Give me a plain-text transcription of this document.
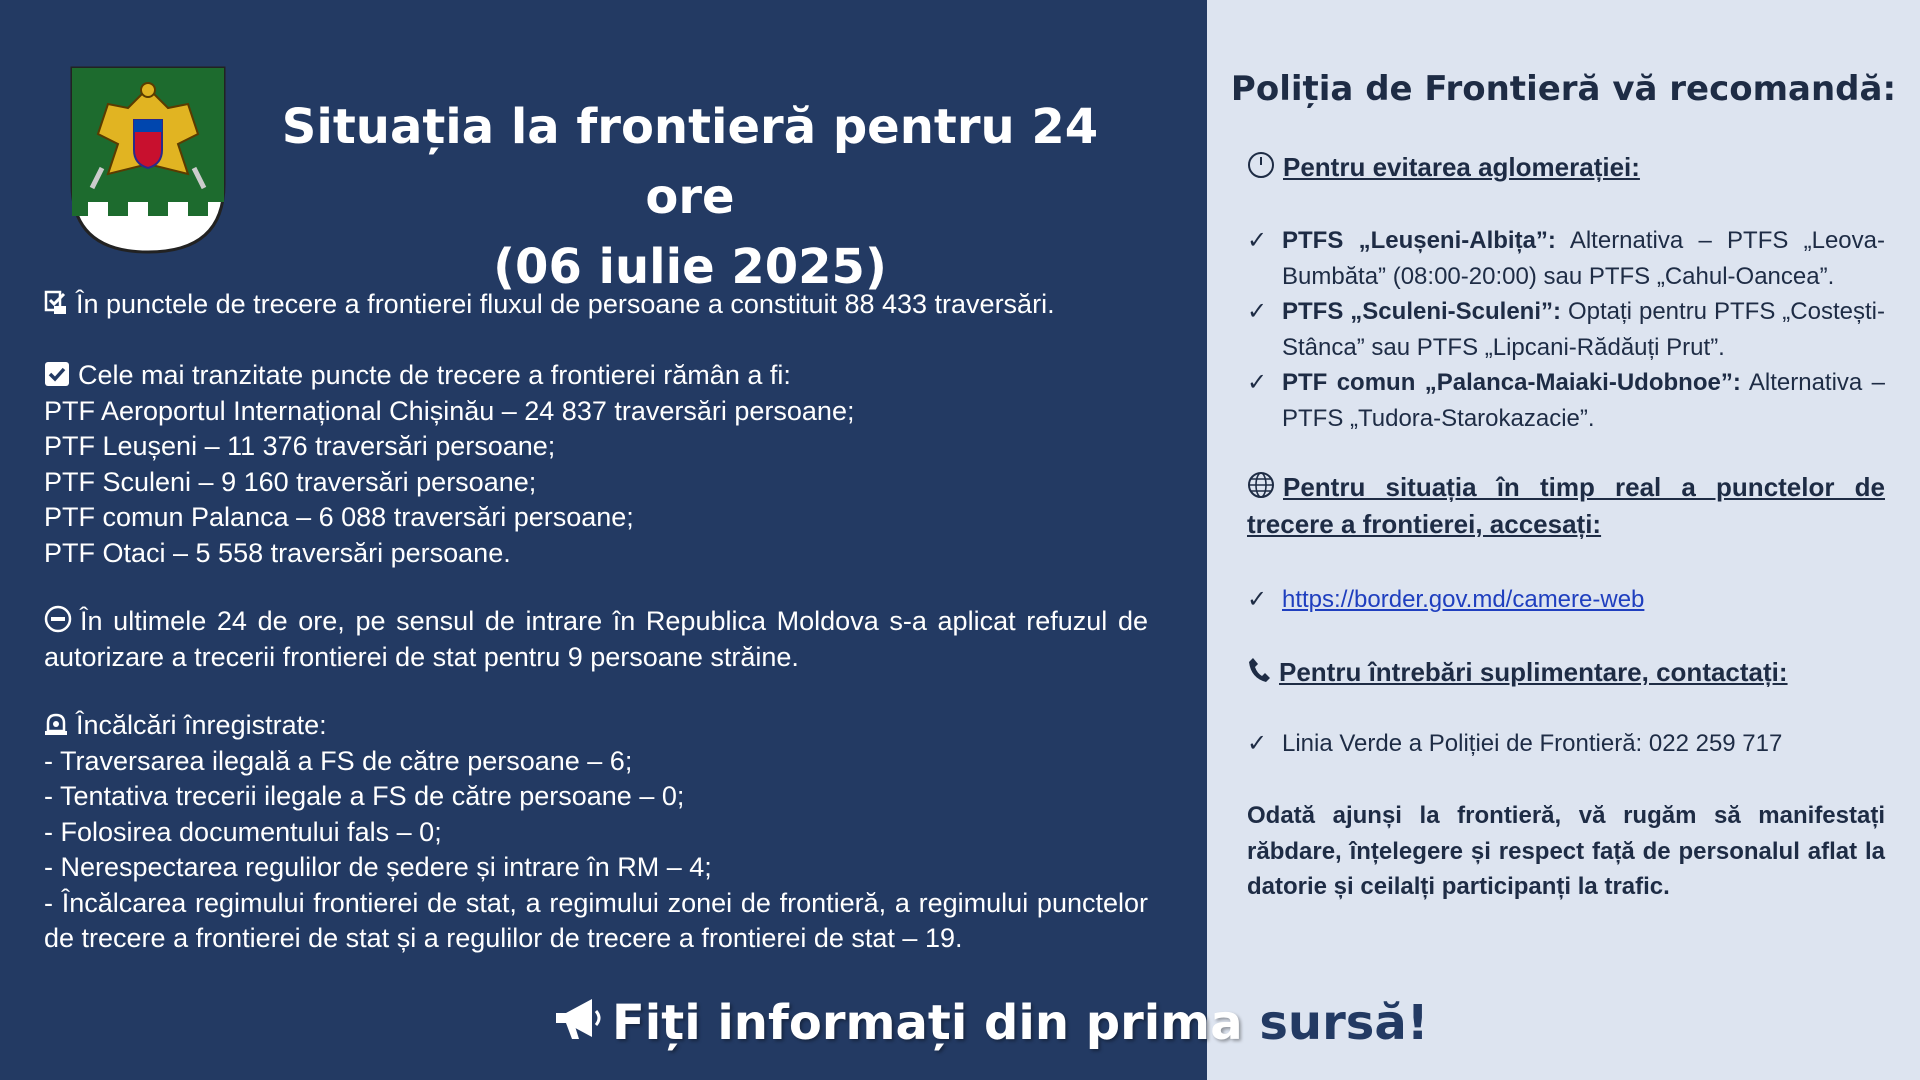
Situația la frontieră pentru 24 ore
(06 iulie 2025)
În punctele de trecere a frontierei fluxul de persoane a constituit 88 433 traversări.
Cele mai tranzitate puncte de trecere a frontierei rămân a fi:
PTF Aeroportul Internațional Chișinău – 24 837 traversări persoane;
PTF Leușeni – 11 376 traversări persoane;
PTF Sculeni – 9 160 traversări persoane;
PTF comun Palanca – 6 088 traversări persoane;
PTF Otaci – 5 558 traversări persoane.
În ultimele 24 de ore, pe sensul de intrare în Republica Moldova s-a aplicat refuzul de autorizare a trecerii frontierei de stat pentru 9 persoane străine.
Încălcări înregistrate:
- Traversarea ilegală a FS de către persoane – 6;
- Tentativa trecerii ilegale a FS de către persoane – 0;
- Folosirea documentului fals – 0;
- Nerespectarea regulilor de ședere și intrare în RM – 4;
- Încălcarea regimului frontierei de stat, a regimului zonei de frontieră, a regimului punctelor de trecere a frontierei de stat și a regulilor de trecere a frontierei de stat – 19.
Poliția de Frontieră vă recomandă:
Pentru evitarea aglomerației:
✓ PTFS „Leușeni-Albița”: Alternativa – PTFS „Leova-Bumbăta” (08:00-20:00) sau PTFS „Cahul-Oancea”.
✓ PTFS „Sculeni-Sculeni”: Optați pentru PTFS „Costești-Stânca” sau PTFS „Lipcani-Rădăuți Prut”.
✓ PTF comun „Palanca-Maiaki-Udobnoe”: Alternativa – PTFS „Tudora-Starokazacie”.
Pentru situația în timp real a punctelor de trecere a frontierei, accesați:
✓ https://border.gov.md/camere-web
Pentru întrebări suplimentare, contactați:
✓ Linia Verde a Poliției de Frontieră: 022 259 717
Odată ajunși la frontieră, vă rugăm să manifestați răbdare, înțelegere și respect față de personalul aflat la datorie și ceilalți participanți la trafic.
Fiți informați din prima sursă!
